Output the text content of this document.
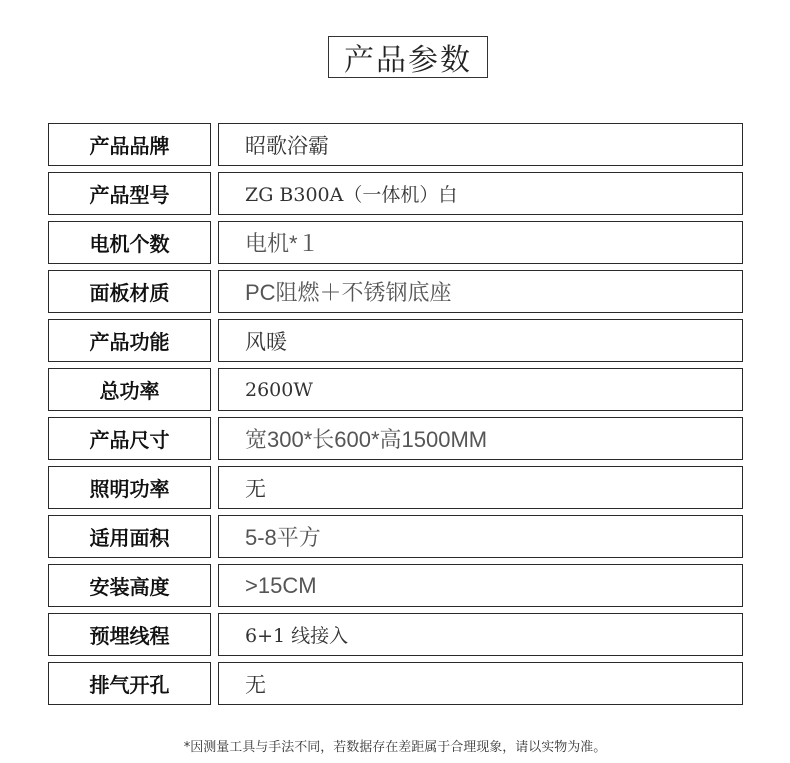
产品参数
产品品牌	昭歌浴霸
产品型号	ZG B300A（一体机）白
电机个数	电机*１
面板材质	PC阻燃＋不锈钢底座
产品功能	风暖
总功率	2600W
产品尺寸	宽300*长600*高1500MM
照明功率	无
适用面积	5-8平方
安装高度	>15CM
预埋线程	6+1 线接入
排气开孔	无
*因测量工具与手法不同，若数据存在差距属于合理现象，请以实物为准。
